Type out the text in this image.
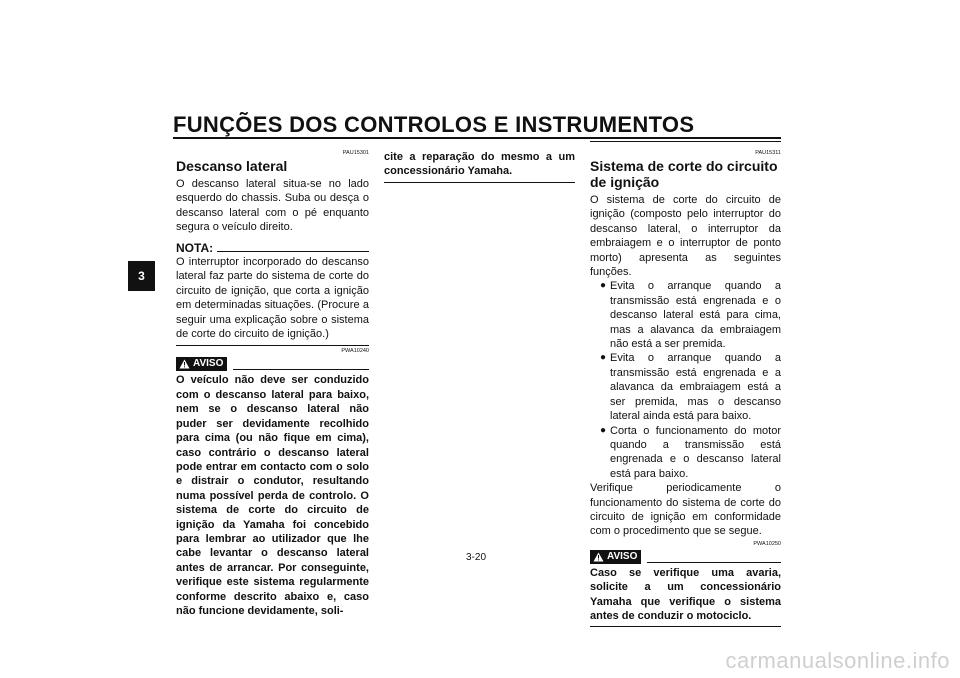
FUNÇÕES DOS CONTROLOS E INSTRUMENTOS
3
PAU15301
Descanso lateral

O descanso lateral situa-se no lado esquerdo do chassis. Suba ou desça o descanso lateral com o pé enquanto segura o veículo direito.

NOTA:

O interruptor incorporado do descanso lateral faz parte do sistema de corte do circuito de ignição, que corta a ignição em determinadas situações. (Procure a seguir uma explicação sobre o sistema de corte do circuito de ignição.)

PWA10240
AVISO

O veículo não deve ser conduzido com o descanso lateral para baixo, nem se o descanso lateral não puder ser devidamente recolhido para cima (ou não fique em cima), caso contrário o descanso lateral pode entrar em contacto com o solo e distrair o condutor, resultando numa possível perda de controlo. O sistema de corte do circuito de ignição da Yamaha foi concebido para lembrar ao utilizador que lhe cabe levantar o descanso lateral antes de arrancar. Por conseguinte, verifique este sistema regularmente conforme descrito abaixo e, caso não funcione devidamente, soli-

cite a reparação do mesmo a um concessionário Yamaha.

PAU15311
Sistema de corte do circuito de ignição

O sistema de corte do circuito de ignição (composto pelo interruptor do descanso lateral, o interruptor da embraiagem e o interruptor de ponto morto) apresenta as seguintes funções.

● Evita o arranque quando a transmissão está engrenada e o descanso lateral está para cima, mas a alavanca da embraiagem não está a ser premida.
● Evita o arranque quando a transmissão está engrenada e a alavanca da embraiagem está a ser premida, mas o descanso lateral ainda está para baixo.
● Corta o funcionamento do motor quando a transmissão está engrenada e o descanso lateral está para baixo.

Verifique periodicamente o funcionamento do sistema de corte do circuito de ignição em conformidade com o procedimento que se segue.

PWA10250
AVISO

Caso se verifique uma avaria, solicite a um concessionário Yamaha que verifique o sistema antes de conduzir o motociclo.

3-20
carmanualsonline.info
